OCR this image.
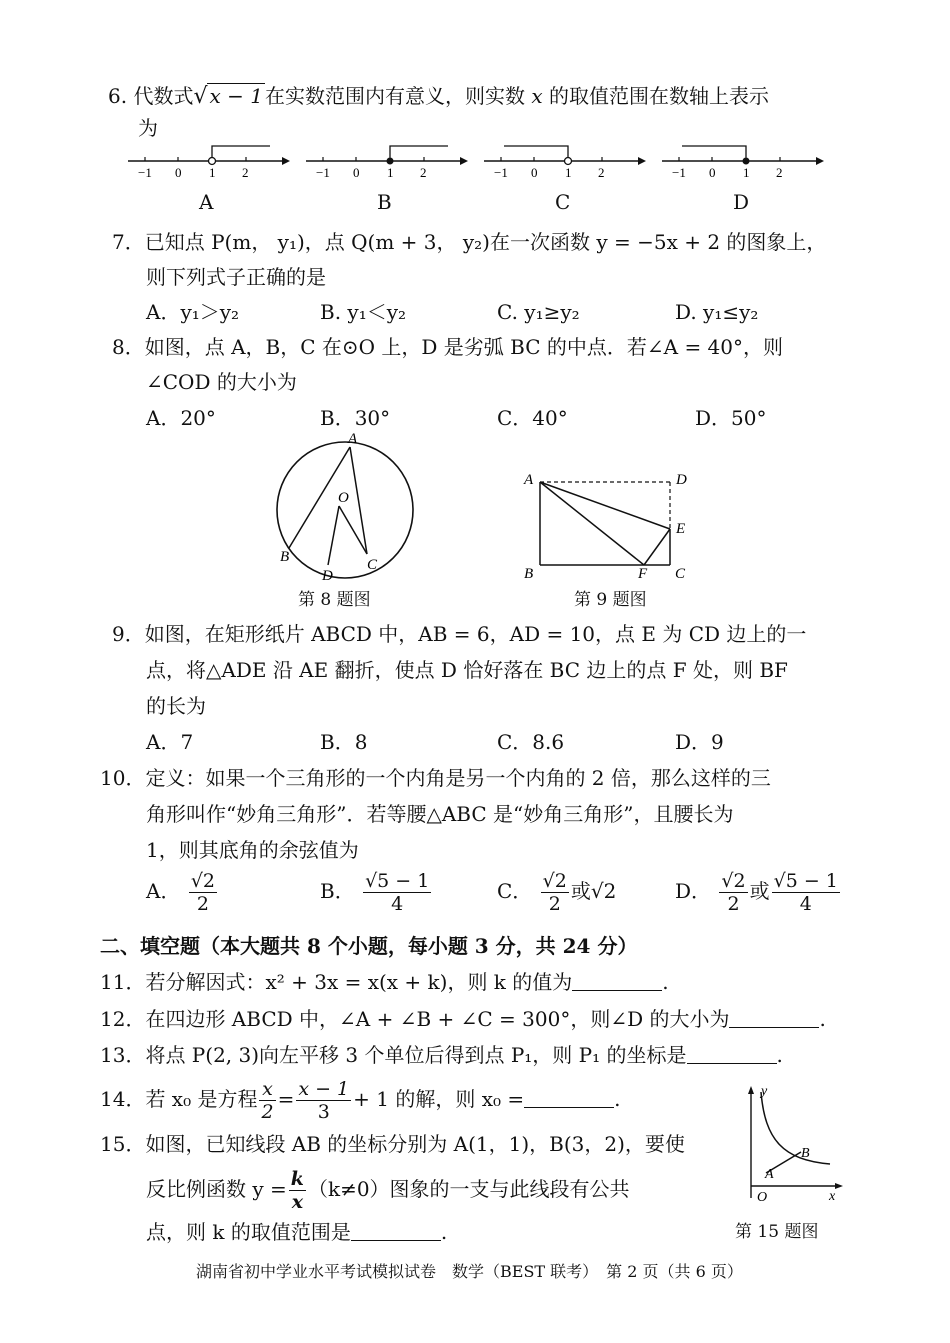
6. 代数式√ x − 1 在实数范围内有意义，则实数 x 的取值范围在数轴上表示
为
−1 0 1 2	−1 0 1 2	−1 0 1 2	−1 0 1 2
A	B	C	D
7．已知点 P(m， y₁)，点 Q(m + 3， y₂)在一次函数 y = −5x + 2 的图象上，
则下列式子正确的是
A．y₁＞y₂	B. y₁＜y₂	C. y₁≥y₂	D. y₁≤y₂
8．如图，点 A，B，C 在⊙O 上，D 是劣弧 BC 的中点．若∠A = 40°，则
∠COD 的大小为
A．20°	B．30°	C．40°	D．50°
A
B	C
D
O
第 8 题图
A	D
E
B	F C
第 9 题图
9．如图，在矩形纸片 ABCD 中，AB = 6，AD = 10，点 E 为 CD 边上的一
点，将△ADE 沿 AE 翻折，使点 D 恰好落在 BC 边上的点 F 处，则 BF
的长为
A．7	B．8	C．8.6	D．9
10．定义：如果一个三角形的一个内角是另一个内角的 2 倍，那么这样的三
角形叫作“妙角三角形”．若等腰△ABC 是“妙角三角形”，且腰长为
1，则其底角的余弦值为
A． $\frac{√2}{2}$	B． $\frac{√5 - 1}{4}$	C． $\frac{√2}{2}$ 或√2	D． $\frac{√2}{2}$ 或 $\frac{√5 - 1}{4}$
二、填空题（本大题共 8 个小题，每小题 3 分，共 24 分）
11．若分解因式：x² + 3x = x(x + k)，则 k 的值为	.
12．在四边形 ABCD 中，∠A + ∠B + ∠C = 300°，则∠D 的大小为	.
13．将点 P(2, 3)向左平移 3 个单位后得到点 P₁，则 P₁ 的坐标是	.
14．若 x₀ 是方程 $\frac{x}{2} = \frac{x - 1}{3} + 1$ 的解，则 x₀ =	.
15．如图，已知线段 AB 的坐标分别为 A(1，1)，B(3，2)，要使
反比例函数 $y = \frac{k}{x} (k\ne 0)$图象的一支与此线段有公共
点，则 k 的取值范围是	.
y
x
O
A
B
第 15 题图
湖南省初中学业水平考试模拟试卷　数学（BEST 联考）　第 2 页（共 6 页）
